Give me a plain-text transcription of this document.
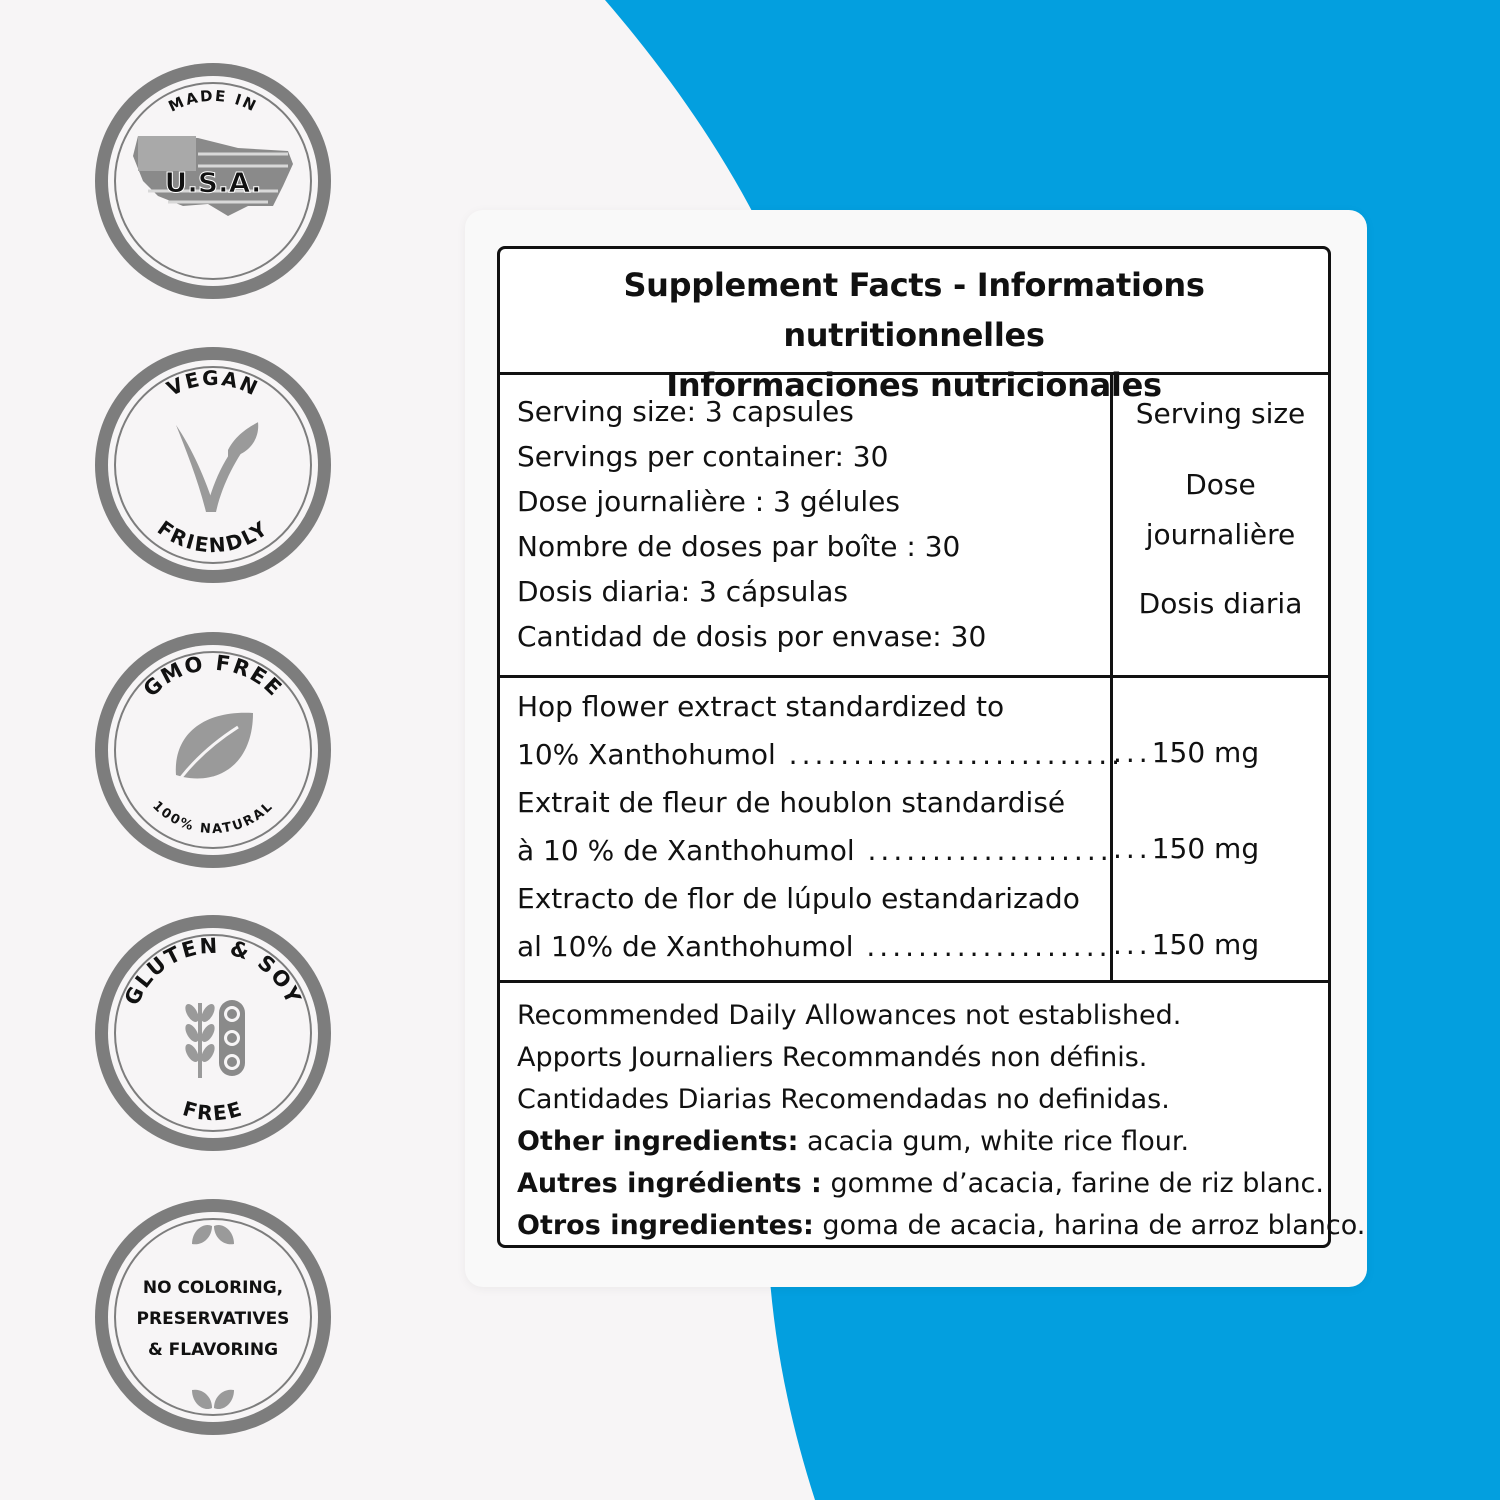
MADE IN
U.S.A.
VEGAN
FRIENDLY
GMO FREE
100% NATURAL
GLUTEN & SOY
FREE
NO COLORING,
PRESERVATIVES
& FLAVORING
Supplement Facts - Informations nutritionnelles
Informaciones nutricionales
Serving size: 3 capsules
Servings per container: 30
Dose journalière : 3 gélules
Nombre de doses par boîte : 30
Dosis diaria: 3 cápsulas
Cantidad de dosis por envase: 30
Serving size
Dose
journalière
Dosis diaria
Hop flower extract standardized to
10% Xanthohumol ..........................
Extrait de fleur de houblon standardisé
à 10 % de Xanthohumol ...................
Extracto de flor de lúpulo estandarizado
al 10% de Xanthohumol ...................
...150 mg
...150 mg
...150 mg
Recommended Daily Allowances not established.
Apports Journaliers Recommandés non définis.
Cantidades Diarias Recomendadas no definidas.
Other ingredients: acacia gum, white rice flour.
Autres ingrédients : gomme d’acacia, farine de riz blanc.
Otros ingredientes: goma de acacia, harina de arroz blanco.
